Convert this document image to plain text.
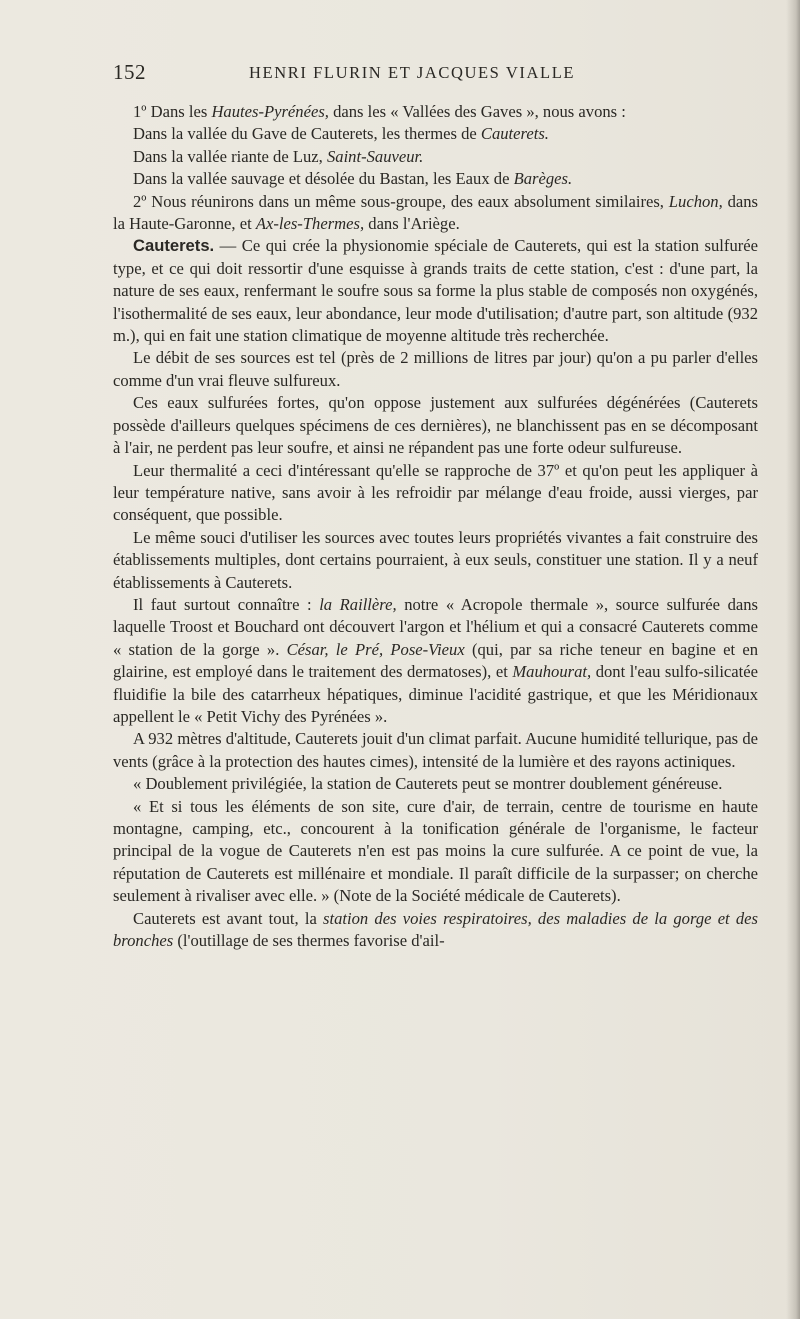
152	HENRI FLURIN ET JACQUES VIALLE

1º Dans les Hautes-Pyrénées, dans les « Vallées des Gaves », nous avons :

Dans la vallée du Gave de Cauterets, les thermes de Cauterets.

Dans la vallée riante de Luz, Saint-Sauveur.

Dans la vallée sauvage et désolée du Bastan, les Eaux de Barèges.

2º Nous réunirons dans un même sous-groupe, des eaux absolument similaires, Luchon, dans la Haute-Garonne, et Ax-les-Thermes, dans l'Ariège.

Cauterets. — Ce qui crée la physionomie spéciale de Cauterets, qui est la station sulfurée type, et ce qui doit ressortir d'une esquisse à grands traits de cette station, c'est : d'une part, la nature de ses eaux, renfermant le soufre sous sa forme la plus stable de composés non oxygénés, l'isothermalité de ses eaux, leur abondance, leur mode d'utilisation; d'autre part, son altitude (932 m.), qui en fait une station climatique de moyenne altitude très recherchée.

Le débit de ses sources est tel (près de 2 millions de litres par jour) qu'on a pu parler d'elles comme d'un vrai fleuve sulfureux.

Ces eaux sulfurées fortes, qu'on oppose justement aux sulfurées dégénérées (Cauterets possède d'ailleurs quelques spécimens de ces dernières), ne blanchissent pas en se décomposant à l'air, ne perdent pas leur soufre, et ainsi ne répandent pas une forte odeur sulfureuse.

Leur thermalité a ceci d'intéressant qu'elle se rapproche de 37º et qu'on peut les appliquer à leur température native, sans avoir à les refroidir par mélange d'eau froide, aussi vierges, par conséquent, que possible.

Le même souci d'utiliser les sources avec toutes leurs propriétés vivantes a fait construire des établissements multiples, dont certains pourraient, à eux seuls, constituer une station. Il y a neuf établissements à Cauterets.

Il faut surtout connaître : la Raillère, notre « Acropole thermale », source sulfurée dans laquelle Troost et Bouchard ont découvert l'argon et l'hélium et qui a consacré Cauterets comme « station de la gorge ». César, le Pré, Pose-Vieux (qui, par sa riche teneur en bagine et en glairine, est employé dans le traitement des dermatoses), et Mauhourat, dont l'eau sulfo-silicatée fluidifie la bile des catarrheux hépatiques, diminue l'acidité gastrique, et que les Méridionaux appellent le « Petit Vichy des Pyrénées ».

A 932 mètres d'altitude, Cauterets jouit d'un climat parfait. Aucune humidité tellurique, pas de vents (grâce à la protection des hautes cimes), intensité de la lumière et des rayons actiniques.

« Doublement privilégiée, la station de Cauterets peut se montrer doublement généreuse.

« Et si tous les éléments de son site, cure d'air, de terrain, centre de tourisme en haute montagne, camping, etc., concourent à la tonification générale de l'organisme, le facteur principal de la vogue de Cauterets n'en est pas moins la cure sulfurée. A ce point de vue, la réputation de Cauterets est millénaire et mondiale. Il paraît difficile de la surpasser; on cherche seulement à rivaliser avec elle. » (Note de la Société médicale de Cauterets).

Cauterets est avant tout, la station des voies respiratoires, des maladies de la gorge et des bronches (l'outillage de ses thermes favorise d'ail-
